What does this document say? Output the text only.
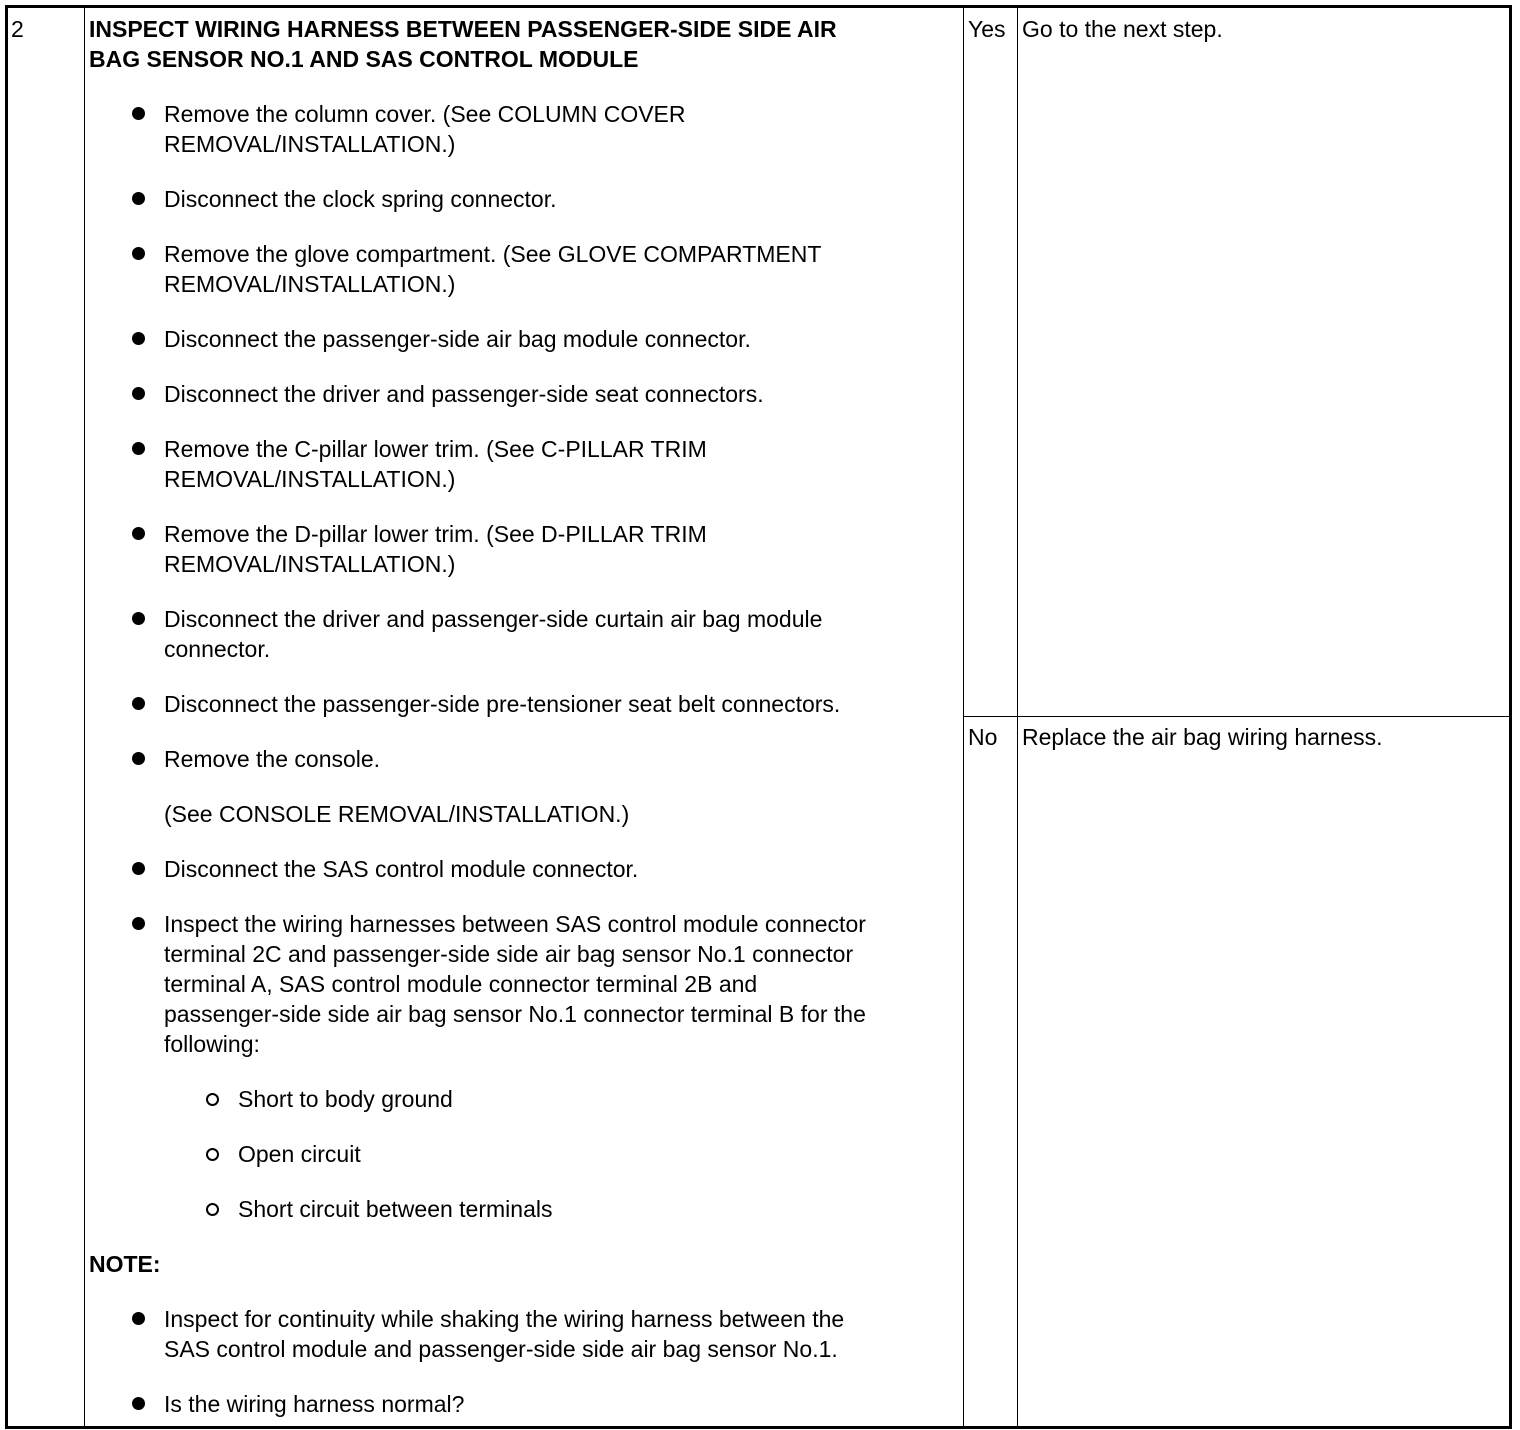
2	INSPECT WIRING HARNESS BETWEEN PASSENGER-SIDE SIDE AIR
BAG SENSOR NO.1 AND SAS CONTROL MODULE
Remove the column cover. (See COLUMN COVER
REMOVAL/INSTALLATION.)
Disconnect the clock spring connector.
Remove the glove compartment. (See GLOVE COMPARTMENT
REMOVAL/INSTALLATION.)
Disconnect the passenger-side air bag module connector.
Disconnect the driver and passenger-side seat connectors.
Remove the C-pillar lower trim. (See C-PILLAR TRIM
REMOVAL/INSTALLATION.)
Remove the D-pillar lower trim. (See D-PILLAR TRIM
REMOVAL/INSTALLATION.)
Disconnect the driver and passenger-side curtain air bag module
connector.
Disconnect the passenger-side pre-tensioner seat belt connectors.
Remove the console.
(See CONSOLE REMOVAL/INSTALLATION.)
Disconnect the SAS control module connector.
Inspect the wiring harnesses between SAS control module connector
terminal 2C and passenger-side side air bag sensor No.1 connector
terminal A, SAS control module connector terminal 2B and
passenger-side side air bag sensor No.1 connector terminal B for the
following:
Short to body ground
Open circuit
Short circuit between terminals
NOTE:
Inspect for continuity while shaking the wiring harness between the
SAS control module and passenger-side side air bag sensor No.1.
Is the wiring harness normal?
Yes Go to the next step.
No Replace the air bag wiring harness.
